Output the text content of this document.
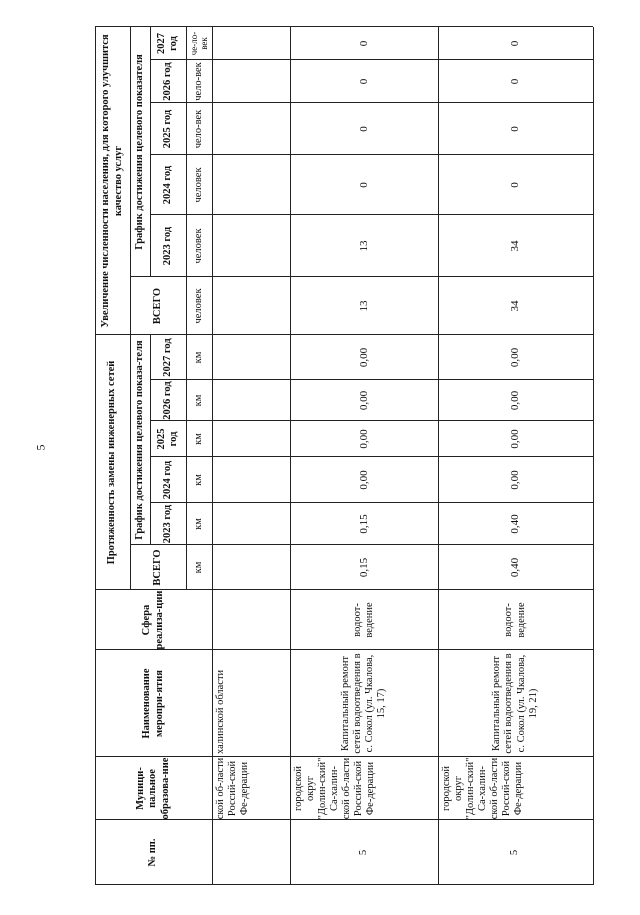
5
№ пп.
Муници-пальное образова-ние
Наименование меропри-ятия
Сфера реализа-ции
Протяженность замены инженерных сетей
ВСЕГО
График достижения целевого показа-теля	2023 год
2024 год
2025 год
2026 год
2027 год
км
км
км
км
км
км
Увеличение численности населения, для которого улучшится качество услуг
ВСЕГО
График достижения целевого показателя	2023 год
2024 год
2025 год
2026 год
2027 год
человек
человек
человек
чело-век
чело-век
че-ло-век
ской об-ласти Россий-ской Фе-дерации
халинской области
5
городской округ "Долин-ский" Са-халин-ской об-ласти Россий-ской Фе-дерации
Капитальный ремонт сетей водоотведения в с. Сокол (ул. Чкалова, 15, 17)
водоот-ведение
0,15
0,15
0,00
0,00
0,00
0,00
13
13
0
0
0
0
5
городской округ "Долин-ский" Са-халин-ской об-ласти Россий-ской Фе-дерации
Капитальный ремонт сетей водоотведения в с. Сокол (ул. Чкалова, 19, 21)
водоот-ведение
0,40
0,40
0,00
0,00
0,00
0,00
34
34
0
0
0
0
